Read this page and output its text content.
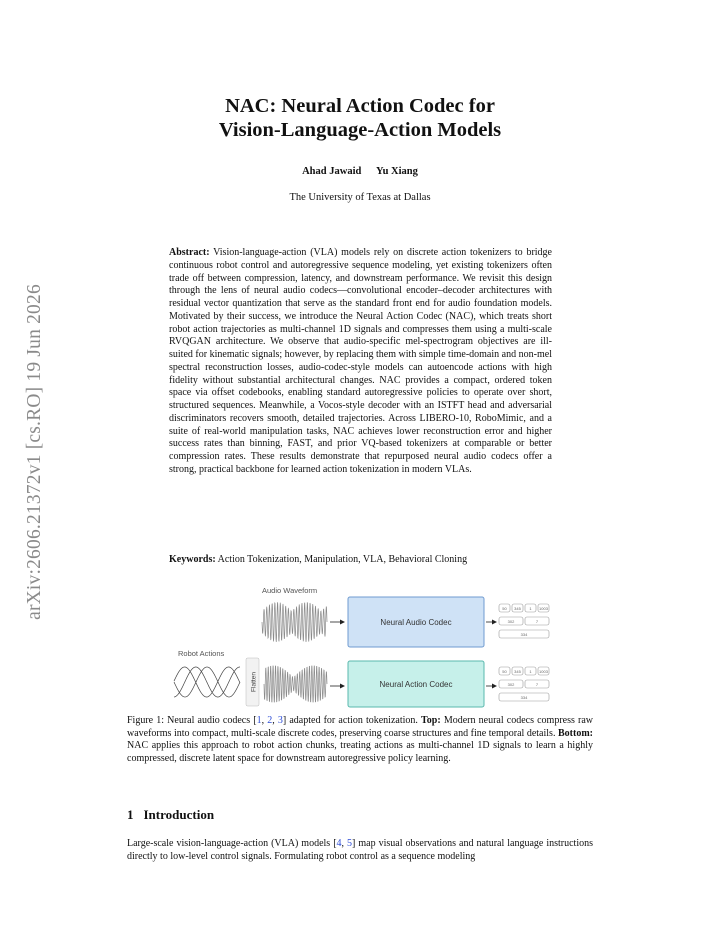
arXiv:2606.21372v1 [cs.RO] 19 Jun 2026
NAC: Neural Action Codec for
Vision-Language-Action Models
Ahad Jawaid Yu Xiang
The University of Texas at Dallas
Abstract: Vision-language-action (VLA) models rely on discrete action tokenizers to bridge continuous robot control and autoregressive sequence modeling, yet existing tokenizers often trade off between compression, latency, and downstream performance. We revisit this design through the lens of neural audio codecs—convolutional encoder–decoder architectures with residual vector quantization that serve as the standard front end for audio foundation models. Motivated by their success, we introduce the Neural Action Codec (NAC), which treats short robot action trajectories as multi-channel 1D signals and compresses them using a multi-scale RVQGAN architecture. We observe that audio-specific mel-spectrogram objectives are ill-suited for kinematic signals; however, by replacing them with simple time-domain and non-mel spectral reconstruction losses, audio-codec-style models can autoencode actions with high fidelity without substantial architectural changes. NAC provides a compact, ordered token space via offset codebooks, enabling standard autoregressive policies to operate over short, structured sequences. Meanwhile, a Vocos-style decoder with an ISTFT head and adversarial discriminators recovers smooth, detailed trajectories. Across LIBERO-10, RoboMimic, and a suite of real-world manipulation tasks, NAC achieves lower reconstruction error and higher success rates than binning, FAST, and prior VQ-based tokenizers at comparable or better compression rates. These results demonstrate that repurposed neural audio codecs offer a strong, practical backbone for learned action tokenization in modern VLAs.
Keywords: Action Tokenization, Manipulation, VLA, Behavioral Cloning
Audio Waveform
Neural Audio Codec
50 345 1 1003
302	7
334
Robot Actions
Flatten	Neural Action Codec
50 345 1 1003
302	7
334
Figure 1: Neural audio codecs [1, 2, 3] adapted for action tokenization. Top: Modern neural codecs compress raw waveforms into compact, multi-scale discrete codes, preserving coarse structures and fine temporal details. Bottom: NAC applies this approach to robot action chunks, treating actions as multi-channel 1D signals to learn a highly compressed, discrete latent space for downstream autoregressive policy learning.
1 Introduction
Large-scale vision-language-action (VLA) models [4, 5] map visual observations and natural language instructions directly to low-level control signals. Formulating robot control as a sequence modeling
